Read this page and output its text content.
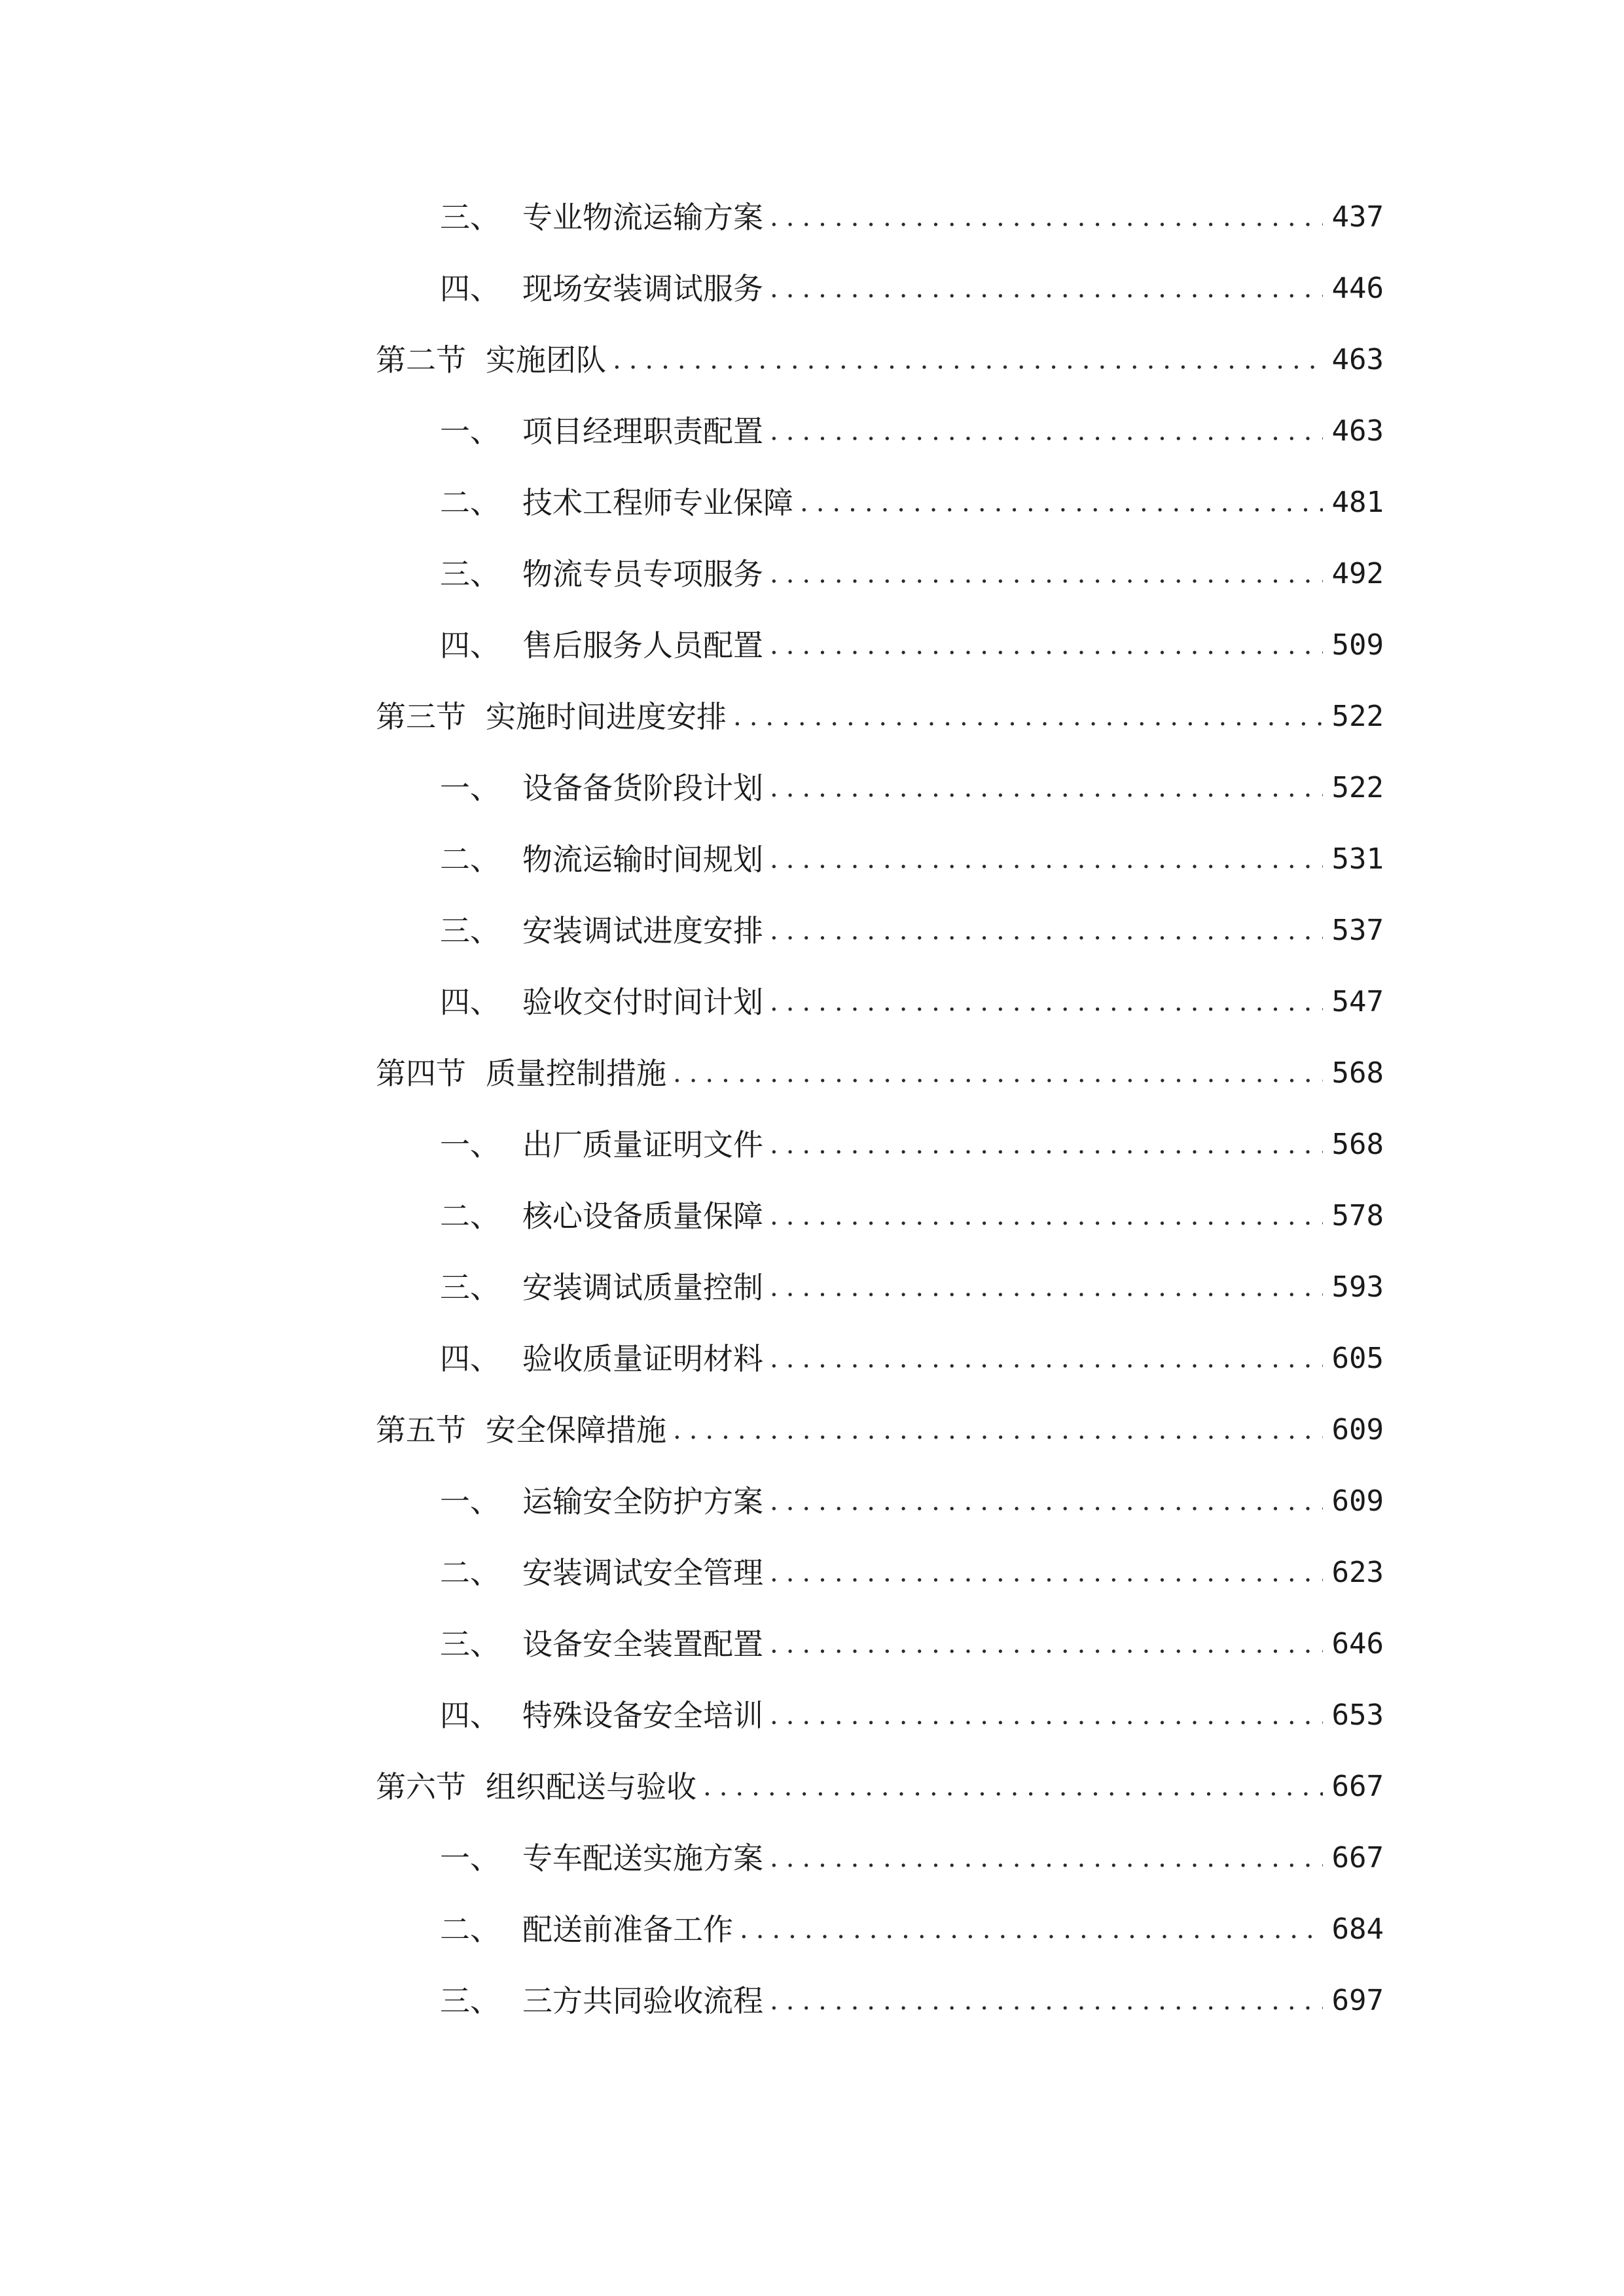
三、 专业物流运输方案 .....	437
四、 现场安装调试服务 .....	446
第二节 实施团队 .....	463
一、 项目经理职责配置 .....	463
二、 技术工程师专业保障 .....	481
三、 物流专员专项服务 .....	492
四、 售后服务人员配置 .....	509
第三节 实施时间进度安排 .....	522
一、 设备备货阶段计划 .....	522
二、 物流运输时间规划 .....	531
三、 安装调试进度安排 .....	537
四、 验收交付时间计划 .....	547
第四节 质量控制措施 .....	568
一、 出厂质量证明文件 .....	568
二、 核心设备质量保障 .....	578
三、 安装调试质量控制 .....	593
四、 验收质量证明材料 .....	605
第五节 安全保障措施 .....	609
一、 运输安全防护方案 .....	609
二、 安装调试安全管理 .....	623
三、 设备安全装置配置 .....	646
四、 特殊设备安全培训 .....	653
第六节 组织配送与验收 .....	667
一、 专车配送实施方案 .....	667
二、 配送前准备工作 .....	684
三、 三方共同验收流程 .....	697
